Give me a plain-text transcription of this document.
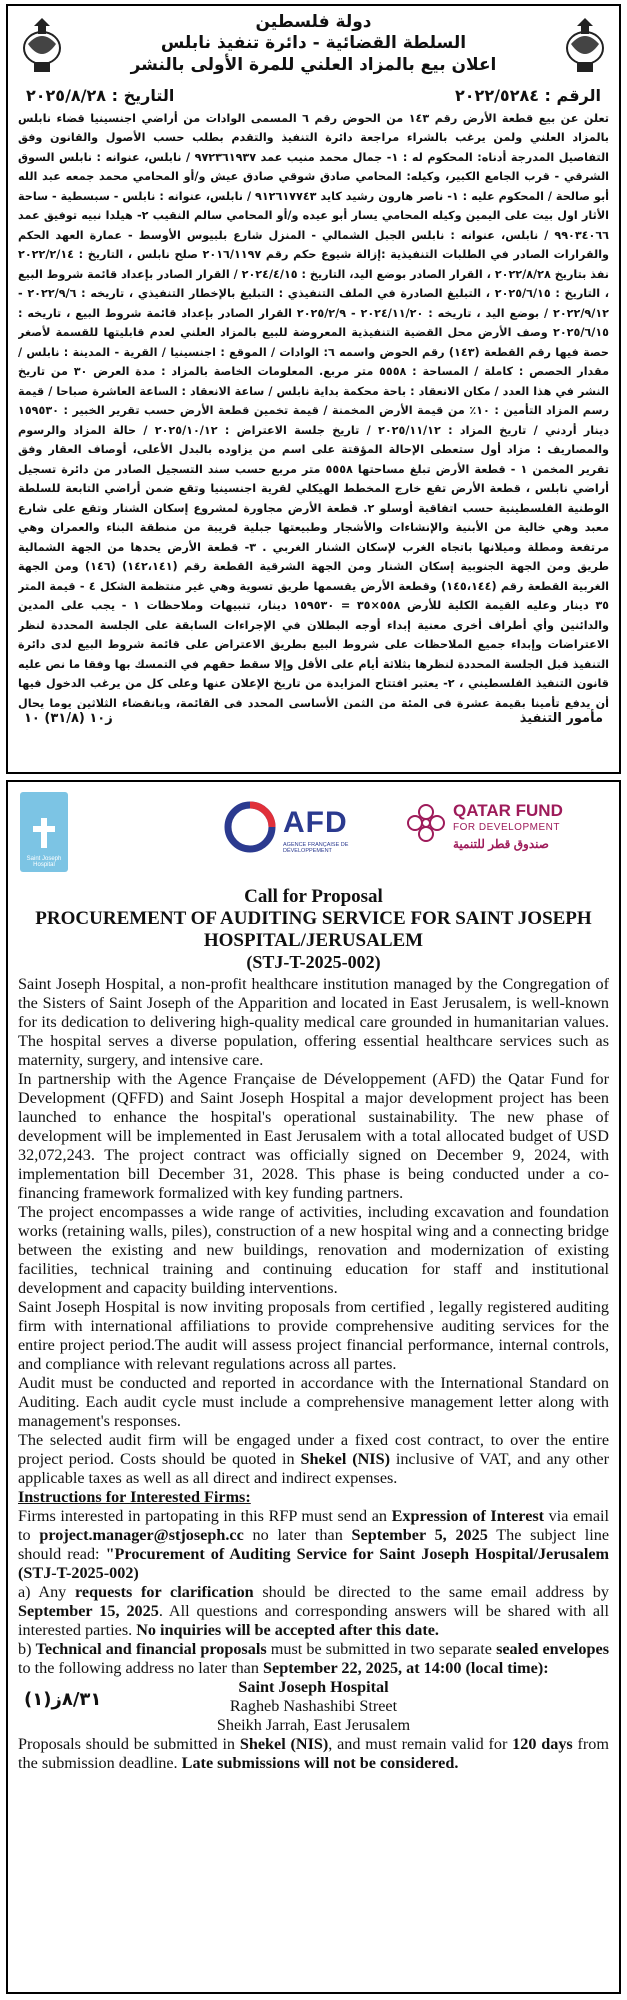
دولة فلسطين
السلطة القضائية - دائرة تنفيذ نابلس
اعلان بيع بالمزاد العلني للمرة الأولى بالنشر
الرقم : ٢٠٢٢/٥٢٨٤
التاريخ : ٢٠٢٥/٨/٢٨
تعلن عن بيع قطعة الأرض رقم ١٤٣ من الحوض رقم ٦ المسمى الوادات من أراضي اجنسينيا قضاء نابلس بالمزاد العلني ولمن يرغب بالشراء مراجعة دائرة التنفيذ والتقدم بطلب حسب الأصول والقانون وفق التفاصيل المدرجة أدناه: المحكوم له : ١- جمال محمد منيب عمد ٩٧٢٣٦١٩٣٧ / نابلس، عنوانه : نابلس السوق الشرقي - قرب الجامع الكبير، وكيله: المحامي صادق شوقي صادق عيش و/أو المحامي محمد جمعه عبد الله أبو صالحة / المحكوم عليه : ١- ناصر هارون رشيد كايد ٩١٢٦١٧٧٤٣ / نابلس، عنوانه : نابلس - سبسطية - ساحة الأثار اول بيت على اليمين وكيله المحامي يسار أبو عيده و/أو المحامي سالم النقيب ٢- هيلدا نبيه توفيق عمد ٩٩٠٣٤٠٦٦ / نابلس، عنوانه : نابلس الجبل الشمالي - المنزل شارع بلبيوس الأوسط - عمارة العهد الحكم والقرارات الصادر في الطلبات التنفيذية :إزالة شيوع حكم رقم ٢٠١٦/١١٩٧ صلح نابلس ، التاريخ : ٢٠٢٢/٢/١٤ نفذ بتاريخ ٢٠٢٢/٨/٢٨ ، القرار الصادر بوضع اليد، التاريخ : ٢٠٢٤/٤/١٥ / القرار الصادر بإعداد قائمة شروط البيع ، التاريخ : ٢٠٢٥/٦/١٥ ، التبليغ الصادرة في الملف التنفيذي : التبليغ بالإخطار التنفيذي ، تاريخه : ٢٠٢٢/٩/٦ - ٢٠٢٢/٩/١٢ / بوضع اليد ، تاريخه : ٢٠٢٤/١١/٢٠ - ٢٠٢٥/٢/٩ القرار الصادر بإعداد قائمة شروط البيع ، تاريخه : ٢٠٢٥/٦/١٥ وصف الأرض محل القضية التنفيذية المعروضة للبيع بالمزاد العلني لعدم قابليتها للقسمة لأصغر حصة فيها رقم القطعة (١٤٣) رقم الحوض واسمه ٦: الوادات / الموقع : اجنسينيا / القرية - المدينة : نابلس / مقدار الحصص : كاملة / المساحة : ٥٥٥٨ متر مربع. المعلومات الخاصة بالمزاد : مدة العرض ٣٠ من تاريخ النشر في هذا العدد / مكان الانعقاد : باحة محكمة بداية نابلس / ساعة الانعقاد : الساعة العاشرة صباحا / قيمة رسم المزاد التأمين : ١٠٪ من قيمة الأرض المخمنة / قيمة تخمين قطعة الأرض حسب تقرير الخبير : ١٥٩٥٣٠ دينار أردني / تاريخ المزاد : ٢٠٢٥/١١/١٢ / تاريخ جلسة الاعتراض : ٢٠٢٥/١٠/١٢ / حالة المزاد والرسوم والمصاريف : مزاد أول ستعطى الإحالة المؤقتة على اسم من يزاوده بالبدل الأعلى، أوصاف العقار وفق تقرير المخمن ١ - قطعة الأرض تبلغ مساحتها ٥٥٥٨ متر مربع حسب سند التسجيل الصادر من دائرة تسجيل أراضي نابلس ، قطعة الأرض تقع خارج المخطط الهيكلي لقرية اجنسينيا وتقع ضمن أراضي التابعة للسلطة الوطنية الفلسطينية حسب اتفاقية أوسلو ٢. قطعة الأرض مجاورة لمشروع إسكان الشنار وتقع على شارع معبد وهي خالية من الأبنية والإنشاءات والأشجار وطبيعتها جبلية قريبة من منطقة البناء والعمران وهي مرتفعة ومطلة وميلانها باتجاه الغرب لإسكان الشنار الغربي . ٣- قطعة الأرض يحدها من الجهة الشمالية طريق ومن الجهة الجنوبية إسكان الشنار ومن الجهة الشرقية القطعة رقم (١٤٢،١٤١) (١٤٦) ومن الجهة الغربية القطعة رقم (١٤٥،١٤٤) وقطعة الأرض يقسمها طريق تسوية وهي غير منتظمة الشكل ٤ - قيمة المتر ٣٥ دينار وعليه القيمة الكلية للأرض ٥٥٨×٣٥ = ١٥٩٥٣٠ دينار، تنبيهات وملاحظات ١ - يجب على المدين والدائنين وأي أطراف أخرى معنية إبداء أوجه البطلان في الإجراءات السابقة على الجلسة المحددة لنظر الاعتراضات وإبداء جميع الملاحظات على شروط البيع بطريق الاعتراض على قائمة شروط البيع لدى دائرة التنفيذ قبل الجلسة المحددة لنظرها بثلاثة أيام على الأقل وإلا سقط حقهم في التمسك بها وفقا ما نص عليه قانون التنفيذ الفلسطيني ، ٢- يعتبر افتتاح المزايدة من تاريخ الإعلان عنها وعلى كل من يرغب الدخول فيها أن يدفع تأمينا بقيمة عشرة في المئة من الثمن الأساسي المحدد في القائمة، وبانقضاء الثلاثين يوما يحال
مأمور التنفيذ
ز١٠ (٣١/٨) ١٠
Saint Joseph Hospital
AFD
AGENCE FRANÇAISE DE DÉVELOPPEMENT
QATAR FUND
FOR DEVELOPMENT
صندوق قطر للتنمية
Call for Proposal
PROCUREMENT OF AUDITING SERVICE FOR SAINT JOSEPH
HOSPITAL/JERUSALEM
(STJ-T-2025-002)

Saint Joseph Hospital, a non-profit healthcare institution managed by the Congregation of the Sisters of Saint Joseph of the Apparition and located in East Jerusalem, is well-known for its dedication to delivering high-quality medical care grounded in humanitarian values. The hospital serves a diverse population, offering essential healthcare services such as maternity, surgery, and intensive care.

In partnership with the Agence Française de Développement (AFD) the Qatar Fund for Development (QFFD) and Saint Joseph Hospital a major development project has been launched to enhance the hospital's operational sustainability. The new phase of development will be implemented in East Jerusalem with a total allocated budget of USD 32,072,243. The project contract was officially signed on December 9, 2024, with implementation bill December 31, 2028. This phase is being conducted under a co-financing framework formalized with key funding partners.

The project encompasses a wide range of activities, including excavation and foundation works (retaining walls, piles), construction of a new hospital wing and a connecting bridge between the existing and new buildings, renovation and modernization of existing facilities, technical training and continuing education for staff and institutional development and capacity building interventions.

Saint Joseph Hospital is now inviting proposals from certified , legally registered auditing firm with international affiliations to provide comprehensive auditing services for the entire project period.The audit will assess project financial performance, internal controls, and compliance with relevant regulations across all partes.

Audit must be conducted and reported in accordance with the International Standard on Auditing. Each audit cycle must include a comprehensive management letter along with management's responses.

The selected audit firm will be engaged under a fixed cost contract, to over the entire project period. Costs should be quoted in Shekel (NIS) inclusive of VAT, and any other applicable taxes as well as all direct and indirect expenses.

Instructions for Interested Firms:

Firms interested in partopating in this RFP must send an Expression of Interest via email to project.manager@stjoseph.cc no later than September 5, 2025 The subject line should read: "Procurement of Auditing Service for Saint Joseph Hospital/Jerusalem (STJ-T-2025-002)

a) Any requests for clarification should be directed to the same email address by September 15, 2025. All questions and corresponding answers will be shared with all interested parties. No inquiries will be accepted after this date.

b) Technical and financial proposals must be submitted in two separate sealed envelopes to the following address no later than September 22, 2025, at 14:00 (local time):

(١)٨/٣١ز
Saint Joseph Hospital
Ragheb Nashashibi Street
Sheikh Jarrah, East Jerusalem

Proposals should be submitted in Shekel (NIS), and must remain valid for 120 days from the submission deadline. Late submissions will not be considered.
